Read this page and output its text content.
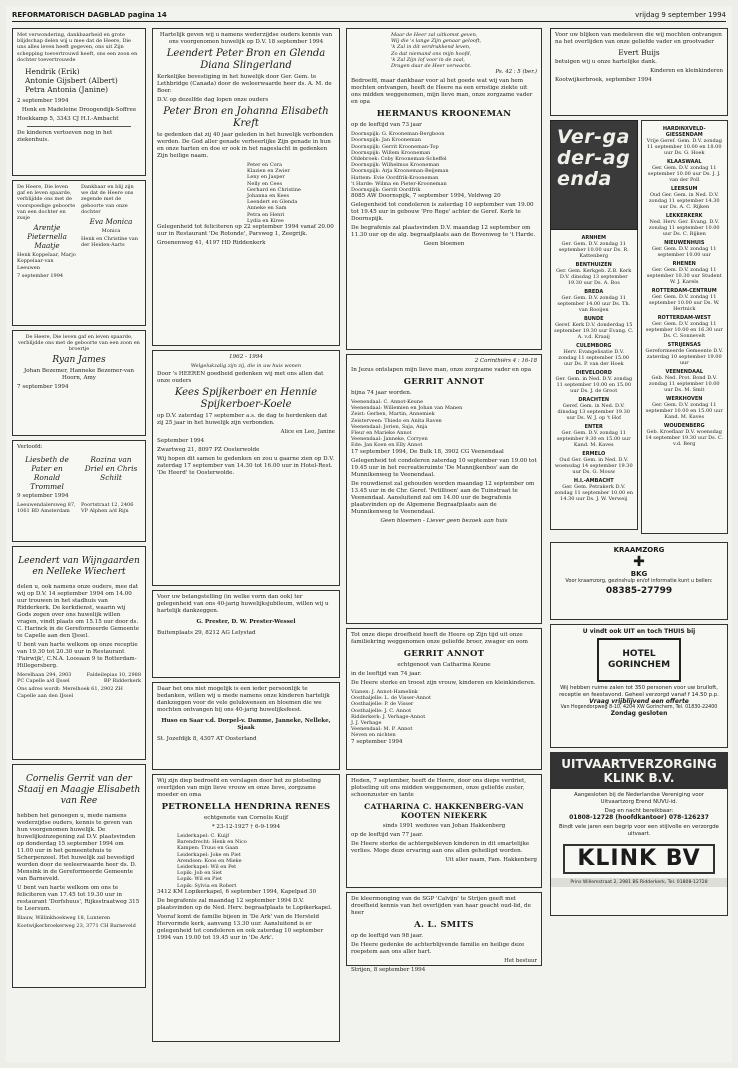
REFORMATORISCH DAGBLAD pagina 14	vrijdag 9 september 1994

Met verwondering, dankbaarheid en grote blijdschap delen wij u mee dat de Heere, Die uns alles leven heeft gegeven, ons uit Zijn schepping toevertrouwd heeft, ons een zoon en dochter toevertrouwde

Hendrik (Erik)
Antonie Gijsbert (Albert)
Petra Antonia (Janine)

2 september 1994

Henk en Madeleine Droogendijk-Soffree

Hoekkamp 5, 3343 CJ H.I.-Ambacht

De kinderen vertoeven nog in het ziekenhuis.

De Heere, Die leven gaf en leven spaarde, verblijdde ons met de voorspoedige geboorte van een dochter en zusje

Arentje Pieternella Maatje

Henk Koppelaar, Marjo Koppelaar-van Leeuwen

7 september 1994

Dankbaar en blij zijn we dat de Heere ons zegende met de geboorte van onze dochter

Eva Monica

Monica

Henk en Christine van der Heiden-Aarts

De Heere, Die leven gaf en leven spaarde, verblijdde ons met de geboorte van een zoon en broertje

Ryan James

Johan Bezemer, Hanneke Bezemer-van Hoorn, Amy

7 september 1994

Verloofd:

Liesbeth de Pater en Ronald Trommel
Rozina van Driel en Chris Schilt

9 september 1994

Leeuwendalersweg 87, 1061 BD Amsterdam

Poortstraat 12, 2406 VP Alphen a/d Rijn

Leendert van Wijngaarden en Nelleke Wiechert

delen u, ook namens onze ouders, mee dat wij op D.V. 14 september 1994 om 14.00 uur trouwen in het stadhuis van Ridderkerk. De kerkdienst, waarin wij Gods zegen over ons huwelijk willen vragen, vindt plaats om 15.15 uur door ds. C. Harinck in de Gereformeerde Gemeente te Capelle aan den IJssel.

U bent van harte welkom op onze receptie van 19.30 tot 20.30 uur in Restaurant 'Fairwijk', C.N.A. Loosaan 9 te Rotterdam-Hillegersberg.

Merelhaan 294, 2903 PC Capelle a/d IJssel

Faldeilepias 10, 2988 BP Ridderkerk

Ons adres wordt: Merelhoek 61, 2902 ZH Capelle aan den IJssel

Cornelis Gerrit van der Staaij en Maagje Elisabeth van Ree

hebben het genoegen u, mede namens wederzijdse ouders, kennis te geven van hun voorgenomen huwelijk. De huwelijksinzegening zal D.V. plaatsvinden op donderdag 15 september 1994 om 11.00 uur in het gemeentehuis te Scherpenzeel. Het huwelijk zal bevestigd worden door de weleerwaarde heer ds. D. Mensink in de Gereformeerde Gemeente van Barneveld.

U bent van harte welkom om ons te feliciteren van 17.45 tot 19.30 uur in restaurant 'Dorfshuus', Rijksstraatweg 315 te Leersum.

Blauw, Willinkhoekweg 18, Lunteren

Kootwijkerbroekerweg 23, 3771 CH Barneveld

Hartelijk geven wij u namens wederzijdse ouders kennis van ons voorgenomen huwelijk op D.V. 18 september 1994

Leendert Peter Bron en Glenda Diana Slingerland

Kerkelijke bevestiging in het huwelijk door Ger. Gem. te Lethbridge (Canada) door de weleerwaarde heer ds. A. M. de Boer.

D.V. op dezelfde dag lopen onze ouders

Peter Bron en Johanna Elisabeth Kreft

te gedenken dat zij 40 jaar geleden in het huwelijk verbonden werden. De God aller genade verheerlijke Zijn genade in hun en onze harten en doe er ook in het nageslacht in gedenken Zijn heilige naam.

Peter en Cora
Klazien en Zwier
Leny en Jasper
Nelly en Cees
Gerhard en Christine
Johanna en Kees
Leendert en Glenda
Anneke en Sam
Petra en Henri
Lydia en Kiree

Gelegenheid tot feliciteren op 22 september 1994 vanaf 20.00 uur in Restaurant 'De Rotonde', Parsweg 1, Zeegrijk.

Groenenweg 41, 4197 HD Riddenkerk

1962 - 1994

Welgelukzalig zijn zij, die in uw huis wonen

Door 's HEEREN goedheid gedenken wij met ons allen dat onze ouders

Kees Spijkerboer en Hennie Spijkerboer-Koele

op D.V. zaterdag 17 september a.s. de dag te herdenken dat zij 25 jaar in het huwelijk zijn verbonden.

Alice en Leo, Janine

September 1994

Zwartweg 21, 8097 PZ Oosterwolde

Wij hopen dit samen te gedenken en zou u gaarne zien op D.V. zaterdag 17 september van 14.30 tot 16.00 uur in Hotel-Rest. 'De Heerd' te Oosterwolde.

Voor uw belangstelling (in welke vorm dan ook) ter gelegenheid van ons 40-jarig huwelijksjubileum, willen wij u hartelijk dankzeggen.

G. Prester, D. W. Prester-Wessel

Buitenplaats 29, 8212 AG Lelystad

Daar het ons niet mogelijk is een ieder persoonlijk te bedanken, willen wij u mede namens onze kinderen hartelijk dankzeggen voor de vele gelukwensen en bloemen die we mochten ontvangen bij ons 40-jarig huwelijksfeest.

Huso en Saar v.d. Dorpel-v. Damme, Janneke, Nelleke, Sjaak

St. Jozefdijk 8, 4307 AT Oosterland

Wij zijn diep bedroefd en verslagen door het zo plotseling overlijden van mijn lieve vrouw en onze lieve, zorgzame moeder en oma

PETRONELLA HENDRINA RENES

echtgenote van Cornelis Kuijf

* 23-12-1927 † 6-9-1994

Leiderkapel: C. Kuijf
Barendrecht: Henk en Nico
Kampen: Truus en Gaan
Leiderkapel: Joke en Piet
Arendsen: Koos en Mieke
Leiderkapel: Wil en Pet
Lopik: Job en Siet
Lopik: Wil en Piet
Lopik: Sylvia en Robert

3412 KM Lopikerkapel, 6 september 1994, Kapelpad 30

De begrafenis zal maandag 12 september 1994 D.V. plaatsvinden op de Ned. Herv. begraafplaats te Lopikerkapel.

Vooraf komt de familie bijeen in 'De Ark' van de Hersteld Hervormde kerk, aanvang 13.30 uur. Aansluitend is er gelegenheid tot condoleren en ook zaterdag 10 september 1994 van 19.00 tot 19.45 uur in 'De Ark'.

Maar de Heer zal uitkomst geven,
Wij die 's lange Zijn genaar gelooft,
'k Zal in dit verdrukkend leven,
Zo dat niemand ons mijn hoofd,
'k Zal Zijn lof voor in de zaal,
Dragen daar de Heer verwacht.

Ps. 42 : 5 (ber.)

Bedroefd, maar dankbaar voor al het goede wat wij van hem mochten ontvangen, heeft de Heere na een ernstige ziekte uit ons midden weggenomen, mijn lieve man, onze zorgzame vader en opa

HERMANUS KROONEMAN

op de leeftijd van 73 jaar

Doornspijk: G. Krooneman-Bergboon
Doornspijk: Jan Krooneman
Doornspijk: Gerrit Krooneman-Top
Doornspijk: Willem Krooneman
Oldebroek: Coby Krooneman-Scheffel
Doornspijk: Wilhelmus Krooneman
Doornspijk: Arja Krooneman-Beijeman
Hattem: Evie Oordfrik-Krooneman
't Harde: Wilma en Pieter-Krooneman
Doornspijk: Gerrit Oordfrik

8085 AW Doornspijk, 7 september 1994, Veldweg 20

Gelegenheid tot condoleren is zaterdag 10 september van 19.00 tot 19.45 uur in gebouw 'Pro Rege' achter de Geref. Kerk te Doornspijk.

De begrafenis zal plaatsvinden D.V. maandag 12 september om 11.30 uur op de alg. begraafplaats aan de Bovenweg te 't Harde.

Geen bloemen

2 Corinthiërs 4 : 16-18

In Jezus ontslapen mijn lieve man, onze zorgzame vader en opa

GERRIT ANNOT

bijna 74 jaar worden.

Veenendaal: C. Annot-Keune
Veenendaal: Willemien en Johan van Manen
Zeist: Gerben, Martin, Annemiek
Zeisterveen: Thiedo en Anita Raven
Veenendaal: Jorien, Saja, Anja
Fleur en Marieke Annot
Veenendaal: Janneke, Corryen
Ede: Jan Koen en Elly Annot

17 september 1994, De Bulk 18, 3902 CG Veenendaal

Gelegenheid tot condoleren zaterdag 10 september van 19.00 tot 19.45 uur in het recreatieruimte 'De Mannijkenbos' aan de Munnikenweg te Veenendaal.

De rouwdienst zal gehouden worden maandag 12 september om 13.45 uur in de Chr. Geref. 'Petillioen' aan de Tuinstraat te Veenendaal. Aansluitend zal om 14.00 uur de begrafenis plaatsvinden op de Algemene Begraafplaats aan de Munnikenweg te Veenendaal.

Geen bloemen - Liever geen bezoek aan huis

Tot onze diepe droefheid heeft de Heere op Zijn tijd uit onze familiekring weggenomen onze geliefde broer, zwager en oom

GERRIT ANNOT

echtgenoot van Catharina Keune

in de leeftijd van 74 jaar.

De Heere sterke en troost zijn vrouw, kinderen en kleinkinderen.

Vianen: J. Annot-Hamelink
Oosthaljelle: L. de Visser-Annot
Oosthaljelle: P. de Visser
Oosthaljelle: J. C. Annot
Ridderkerk: J. Verhage-Annot
J. J. Verhage
Veenendaal: M. P. Annot
Neven en nichten

7 september 1994

Heden, 7 september, heeft de Heere, door ons diepe verdriet, plotseling uit ons midden weggenomen, onze geliefde zuster, schoonzuster en tante

CATHARINA C. HAKKENBERG-VAN KOOTEN NIEKERK

sinds 1991 weduwe van Johan Hakkenberg

op de leeftijd van 77 jaar.

De Heere sterke de achtergebleven kinderen in dit smartelijke verlies. Moge deze ervaring aan ons allen geheiligd worden.

Uit aller naam, Fam. Hakkenberg

De kleermonging van de SGP 'Calvijn' te Strijen geeft met droefheid kennis van het overlijden van haar geacht oud-lid, de heer

A. L. SMITS

op de leeftijd van 98 jaar.

De Heere gedenke de achterblijvende familie en heilige deze roepstem aan ons aller hart.

Het bestuur

Strijen, 8 september 1994

Voor uw blijken van medeleven die wij mochten ontvangen na het overlijden van onze geliefde vader en grootvader

Evert Buijs

betuigen wij u onze hartelijke dank.

Kinderen en kleinkinderen

Kootwijkerbroek, september 1994

Ver-gader-agenda
ARNHEM
Ger. Gem. D.V. zondag 11 september 10.00 uur Ds. R. Kattenberg
BENTHUIZEN
Ger. Gem. Kerkgeb. Z.B. Kerk D.V. dinsdag 13 september 19.30 uur Ds. A. Bos
BREDA
Ger. Gem. D.V. zondag 11 september 14.00 uur Ds. Th. van Rooijen
BUNDE
Geref. Kerk D.V. donderdag 15 september 19.30 uur Evang. C. A. v.d. Kraaij
CULEMBORG
Herv. Evangelisatie D.V. zondag 11 september 15.00 uur Ds. P. van der Hoek
DIEVELOORD
Ger. Gem. in Ned. D.V. zondag 11 september 10.00 en 15.00 uur Ds. J. de Groot
DRACHTEN
Geref. Gem. in Ned. D.V. dinsdag 13 september 19.30 uur Ds. W. J. op 't Hof
ENTER
Ger. Gem. D.V. zondag 11 september 9.30 en 15.00 uur Kand. M. Kaves
ERMELO
Oud Ger. Gem. in Ned. D.V. woensdag 14 september 19.30 uur Ds. G. Mouw
H.I.-AMBACHT
Ger. Gem. Petrakerk D.V. zondag 11 september 10.00 en 14.30 uur Ds. J. W. Verweij
HARDINXVELD-GIESSENDAM
Vrije Geref. Gem. D.V. zondag 11 september 10.00 en 18.00 uur Ds. G. Hoek
KLAASWAAL
Ger. Gem. D.V. zondag 11 september 10.00 uur Ds. J. J. van der Poll
LEERSUM
Oud Ger. Gem. in Ned. D.V. zondag 11 september 14.30 uur Ds. A. C. Rijken
LEKKERKERK
Ned. Herv. Ger. Evang. D.V. zondag 11 september 10.00 uur Ds. C. Rijken
NIEUWENHUIS
Ger. Gem. D.V. zondag 11 september 10.00 uur
RHENEN
Ger. Gem. D.V. zondag 11 september 10.30 uur Student W. J. Karels
ROTTERDAM-CENTRUM
Ger. Gem. D.V. zondag 11 september 10.00 uur Ds. W. Hertnick
ROTTERDAM-WEST
Ger. Gem. D.V. zondag 11 september 10.00 en 16.30 uur Ds. C. Sonnevelt
STRIJENSAS
Gereformeerde Gemeente D.V. zaterdag 10 september 19.00 uur
VEENENDAAL
Geb. Ned. Prot. Bond D.V. zondag 11 september 10.00 uur Ds. M. Smit
WERKHOVEN
Ger. Gem. D.V. zondag 11 september 10.00 en 15.00 uur Kand. M. Kaves
WOUDENBERG
Geb. Kroeflaar D.V. woensdag 14 september 19.30 uur Ds. C. v.d. Berg
KRAAMZORG
✚
BKG
Voor kraamzorg, gezinshulp en/of informatie kunt u bellen:
08385-27799
U vindt ook UIT en toch THUIS bij
HOTEL
GORINCHEM
Wij hebben ruime zalen tot 350 personen voor uw bruiloft, receptie en feestavond. Geheel verzorgd vanaf f 14.50 p.p.
Vraag vrijblijvend een offerte
Van Hogendorpweg 8-10, 4204 XW Gorinchem, Tel. 01830-22400
Zondag gesloten
UITVAARTVERZORGING
KLINK B.V.
Aangesloten bij de Nederlandse Vereniging voor Uitvaartzorg Erend NUVU-id.
Dag en nacht bereikbaar:
01808-12728 (hoofdkantoor) 078-126237
Bindt vele jaren een begrip voor een stijlvolle en verzorgde uitvaart.
KLINK BV
Prins Willemstraat 2, 2981 BS Ridderkerk, Tel. 01808-12728
